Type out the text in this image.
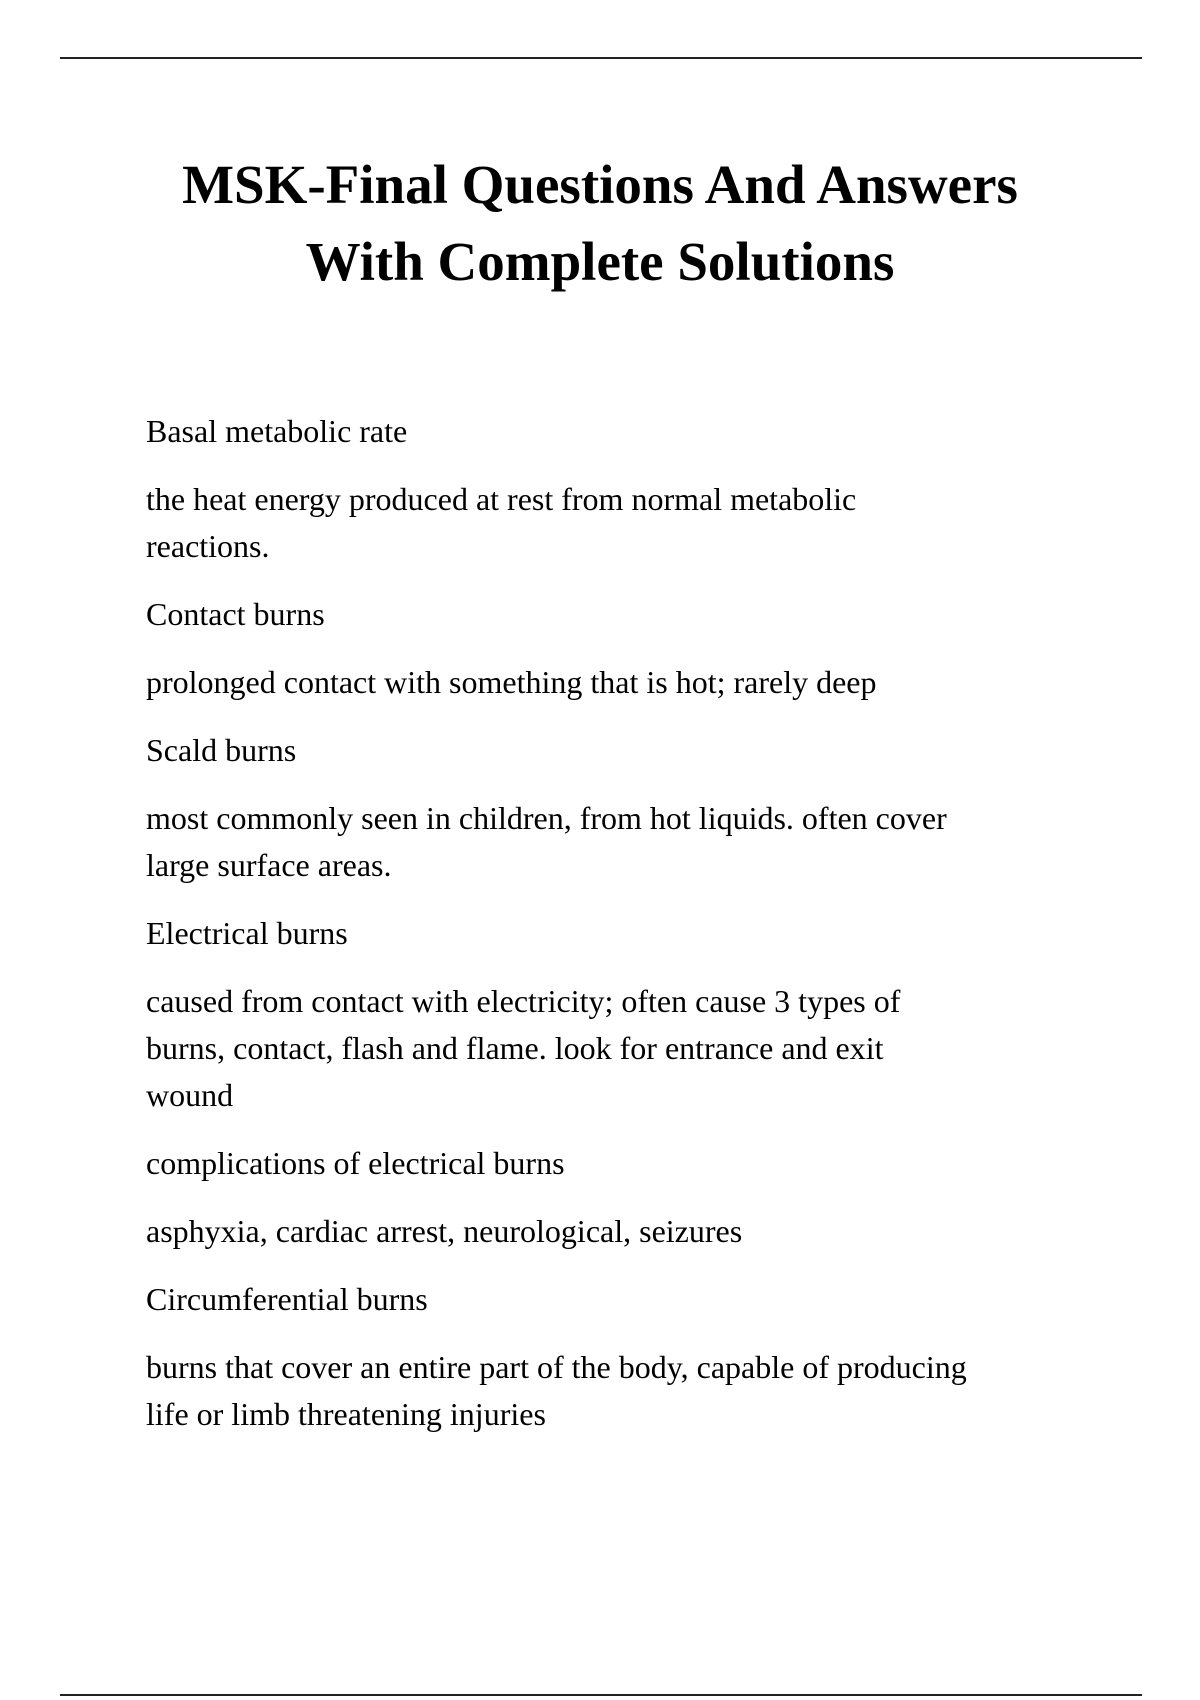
MSK-Final Questions And Answers
With Complete Solutions

Basal metabolic rate

the heat energy produced at rest from normal metabolic
reactions.

Contact burns

prolonged contact with something that is hot; rarely deep

Scald burns

most commonly seen in children, from hot liquids. often cover
large surface areas.

Electrical burns

caused from contact with electricity; often cause 3 types of
burns, contact, flash and flame. look for entrance and exit
wound

complications of electrical burns

asphyxia, cardiac arrest, neurological, seizures

Circumferential burns

burns that cover an entire part of the body, capable of producing
life or limb threatening injuries
